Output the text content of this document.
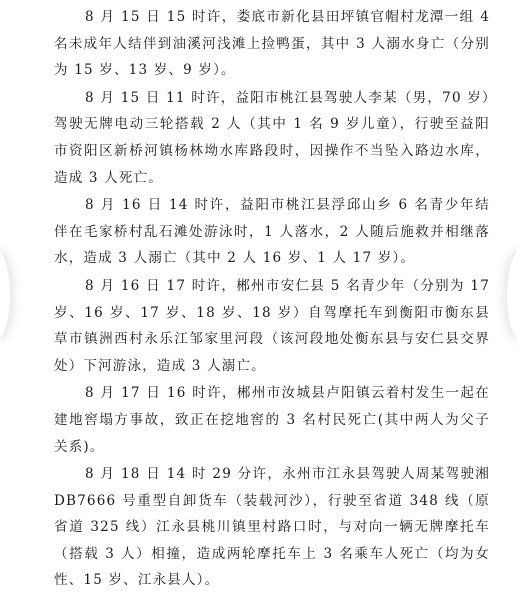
8 月 15 日 15 时许，娄底市新化县田坪镇官帽村龙潭一组 4 名未成年人结伴到油溪河浅滩上捡鸭蛋，其中 3 人溺水身亡（分别为 15 岁、13 岁、9 岁）。

8 月 15 日 11 时许，益阳市桃江县驾驶人李某（男，70 岁）驾驶无牌电动三轮搭载 2 人（其中 1 名 9 岁儿童），行驶至益阳市资阳区新桥河镇杨林坳水库路段时，因操作不当坠入路边水库，造成 3 人死亡。

8 月 16 日 14 时许，益阳市桃江县浮邱山乡 6 名青少年结伴在毛家桥村乱石滩处游泳时，1 人落水，2 人随后施救并相继落水，造成 3 人溺亡（其中 2 人 16 岁、1 人 17 岁）。

8 月 16 日 17 时许，郴州市安仁县 5 名青少年（分别为 17 岁、16 岁、17 岁、18 岁、18 岁）自驾摩托车到衡阳市衡东县草市镇洲西村永乐江邹家里河段（该河段地处衡东县与安仁县交界处）下河游泳，造成 3 人溺亡。

8 月 17 日 16 时许，郴州市汝城县卢阳镇云着村发生一起在建地窖塌方事故，致正在挖地窖的 3 名村民死亡(其中两人为父子关系)。

8 月 18 日 14 时 29 分许，永州市江永县驾驶人周某驾驶湘 DB7666 号重型自卸货车（装载河沙），行驶至省道 348 线（原省道 325 线）江永县桃川镇里村路口时，与对向一辆无牌摩托车（搭载 3 人）相撞，造成两轮摩托车上 3 名乘车人死亡（均为女性、15 岁、江永县人）。
